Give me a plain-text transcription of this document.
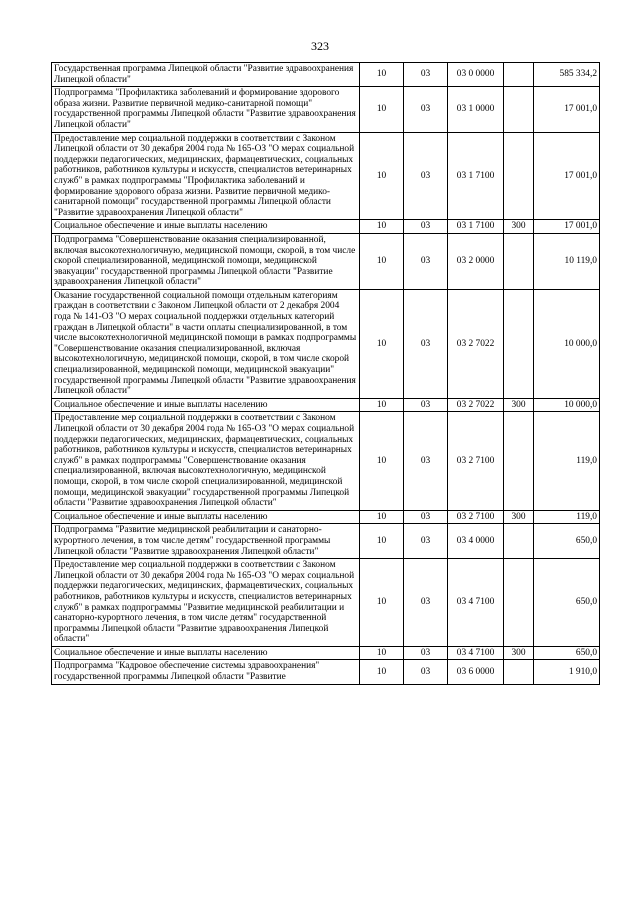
323
Государственная программа Липецкой области "Развитие здравоохранения Липецкой области"	10	03	03 0 0000		585 334,2
Подпрограмма "Профилактика заболеваний и формирование здорового образа жизни. Развитие первичной медико-санитарной помощи" государственной программы Липецкой области "Развитие здравоохранения Липецкой области"	10	03	03 1 0000		17 001,0
Предоставление мер социальной поддержки в соответствии с Законом Липецкой области от 30 декабря 2004 года № 165-ОЗ "О мерах социальной поддержки педагогических, медицинских, фармацевтических, социальных работников, работников культуры и искусств, специалистов ветеринарных служб" в рамках подпрограммы "Профилактика заболеваний и формирование здорового образа жизни. Развитие первичной медико-санитарной помощи" государственной программы Липецкой области "Развитие здравоохранения Липецкой области"	10	03	03 1 7100		17 001,0
Социальное обеспечение и иные выплаты населению	10	03	03 1 7100	300	17 001,0
Подпрограмма "Совершенствование оказания специализированной, включая высокотехнологичную, медицинской помощи, скорой, в том числе скорой специализированной, медицинской помощи, медицинской эвакуации" государственной программы Липецкой области "Развитие здравоохранения Липецкой области"	10	03	03 2 0000		10 119,0
Оказание государственной социальной помощи отдельным категориям граждан в соответствии с Законом Липецкой области от 2 декабря 2004 года № 141-ОЗ "О мерах социальной поддержки отдельных категорий граждан в Липецкой области" в части оплаты специализированной, в том числе высокотехнологичной медицинской помощи в рамках подпрограммы "Совершенствование оказания специализированной, включая высокотехнологичную, медицинской помощи, скорой, в том числе скорой специализированной, медицинской помощи, медицинской эвакуации" государственной программы Липецкой области "Развитие здравоохранения Липецкой области"	10	03	03 2 7022		10 000,0
Социальное обеспечение и иные выплаты населению	10	03	03 2 7022	300	10 000,0
Предоставление мер социальной поддержки в соответствии с Законом Липецкой области от 30 декабря 2004 года № 165-ОЗ "О мерах социальной поддержки педагогических, медицинских, фармацевтических, социальных работников, работников культуры и искусств, специалистов ветеринарных служб" в рамках подпрограммы "Совершенствование оказания специализированной, включая высокотехнологичную, медицинской помощи, скорой, в том числе скорой специализированной, медицинской помощи, медицинской эвакуации" государственной программы Липецкой области "Развитие здравоохранения Липецкой области"	10	03	03 2 7100		119,0
Социальное обеспечение и иные выплаты населению	10	03	03 2 7100	300	119,0
Подпрограмма "Развитие медицинской реабилитации и санаторно-курортного лечения, в том числе детям" государственной программы Липецкой области "Развитие здравоохранения Липецкой области"	10	03	03 4 0000		650,0
Предоставление мер социальной поддержки в соответствии с Законом Липецкой области от 30 декабря 2004 года № 165-ОЗ "О мерах социальной поддержки педагогических, медицинских, фармацевтических, социальных работников, работников культуры и искусств, специалистов ветеринарных служб" в рамках подпрограммы "Развитие медицинской реабилитации и санаторно-курортного лечения, в том числе детям" государственной программы Липецкой области "Развитие здравоохранения Липецкой области"	10	03	03 4 7100		650,0
Социальное обеспечение и иные выплаты населению	10	03	03 4 7100	300	650,0
Подпрограмма "Кадровое обеспечение системы здравоохранения" государственной программы Липецкой области "Развитие	10	03	03 6 0000		1 910,0
